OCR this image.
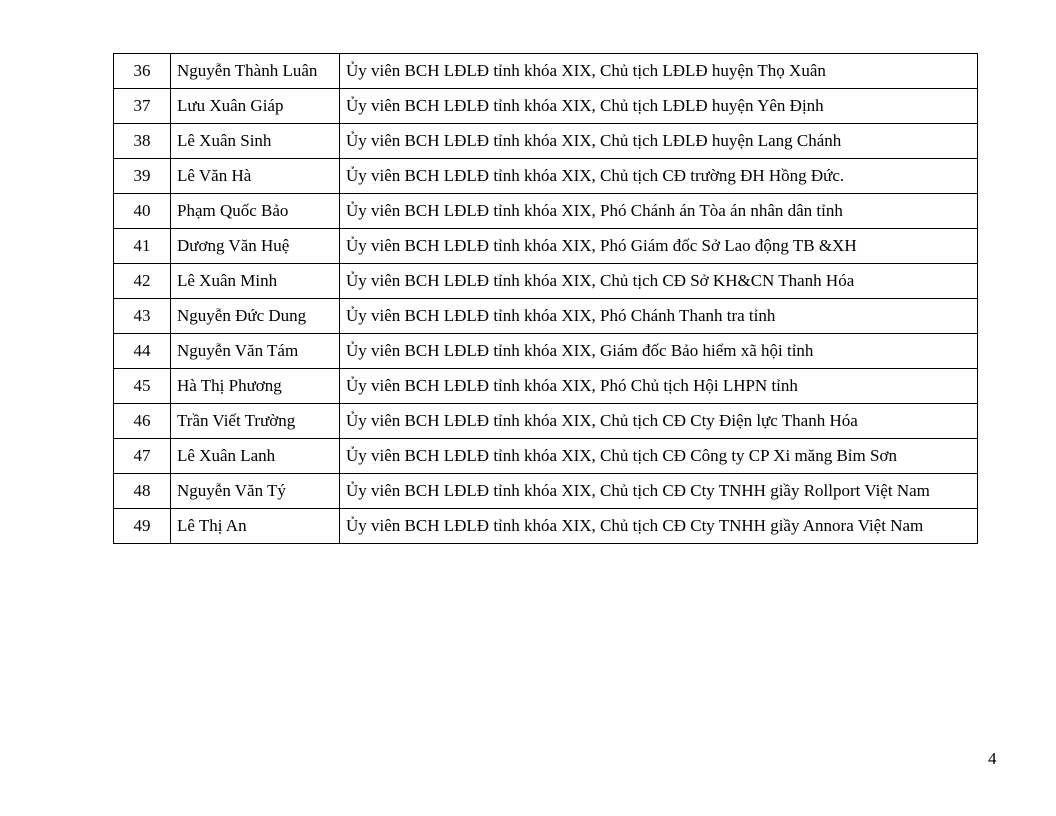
36	Nguyễn Thành Luân	Ủy viên BCH LĐLĐ tỉnh khóa XIX, Chủ tịch LĐLĐ huyện Thọ Xuân
37	Lưu Xuân Giáp	Ủy viên BCH LĐLĐ tỉnh khóa XIX, Chủ tịch LĐLĐ huyện Yên Định
38	Lê Xuân Sinh	Ủy viên BCH LĐLĐ tỉnh khóa XIX, Chủ tịch LĐLĐ huyện Lang Chánh
39	Lê Văn Hà	Ủy viên BCH LĐLĐ tỉnh khóa XIX, Chủ tịch CĐ trường ĐH Hồng Đức.
40	Phạm Quốc Bảo	Ủy viên BCH LĐLĐ tỉnh khóa XIX, Phó Chánh án Tòa án nhân dân tỉnh
41	Dương Văn Huệ	Ủy viên BCH LĐLĐ tỉnh khóa XIX, Phó Giám đốc Sở Lao động TB &XH
42	Lê Xuân Minh	Ủy viên BCH LĐLĐ tỉnh khóa XIX, Chủ tịch CĐ Sở KH&CN Thanh Hóa
43	Nguyễn Đức Dung	Ủy viên BCH LĐLĐ tỉnh khóa XIX, Phó Chánh Thanh tra tỉnh
44	Nguyễn Văn Tám	Ủy viên BCH LĐLĐ tỉnh khóa XIX, Giám đốc Bảo hiểm xã hội tỉnh
45	Hà Thị Phương	Ủy viên BCH LĐLĐ tỉnh khóa XIX, Phó Chủ tịch Hội LHPN tỉnh
46	Trần Viết Trường	Ủy viên BCH LĐLĐ tỉnh khóa XIX, Chủ tịch CĐ Cty Điện lực Thanh Hóa
47	Lê Xuân Lanh	Ủy viên BCH LĐLĐ tỉnh khóa XIX, Chủ tịch CĐ Công ty CP Xi măng Bỉm Sơn
48	Nguyễn Văn Tý	Ủy viên BCH LĐLĐ tỉnh khóa XIX, Chủ tịch CĐ Cty TNHH giầy Rollport Việt Nam
49	Lê Thị An	Ủy viên BCH LĐLĐ tỉnh khóa XIX, Chủ tịch CĐ Cty TNHH giầy Annora Việt Nam
4
